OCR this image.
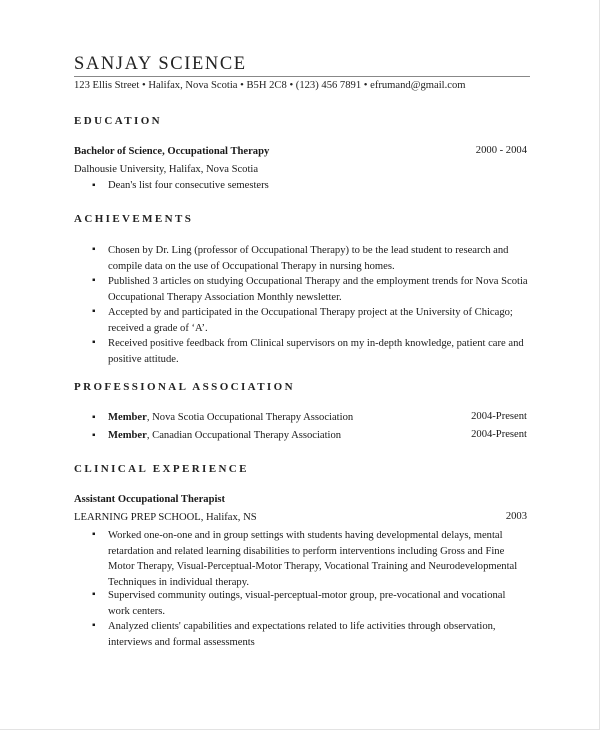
SANJAY SCIENCE
123 Ellis Street • Halifax, Nova Scotia • B5H 2C8 • (123) 456 7891 • efrumand@gmail.com
EDUCATION
Bachelor of Science, Occupational Therapy	2000 - 2004
Dalhousie University, Halifax, Nova Scotia
▪ Dean's list four consecutive semesters
ACHIEVEMENTS
▪ Chosen by Dr. Ling (professor of Occupational Therapy) to be the lead student to research and compile data on the use of Occupational Therapy in nursing homes.
▪ Published 3 articles on studying Occupational Therapy and the employment trends for Nova Scotia Occupational Therapy Association Monthly newsletter.
▪ Accepted by and participated in the Occupational Therapy project at the University of Chicago; received a grade of ‘A’.
▪ Received positive feedback from Clinical supervisors on my in-depth knowledge, patient care and positive attitude.
PROFESSIONAL ASSOCIATION
▪ Member, Nova Scotia Occupational Therapy Association	2004-Present
▪ Member, Canadian Occupational Therapy Association	2004-Present
CLINICAL EXPERIENCE
Assistant Occupational Therapist
LEARNING PREP SCHOOL, Halifax, NS	2003
▪ Worked one-on-one and in group settings with students having developmental delays, mental retardation and related learning disabilities to perform interventions including Gross and Fine Motor Therapy, Visual-Perceptual-Motor Therapy, Vocational Training and Neurodevelopmental Techniques in individual therapy.
▪ Supervised community outings, visual-perceptual-motor group, pre-vocational and vocational work centers.
▪ Analyzed clients' capabilities and expectations related to life activities through observation, interviews and formal assessments
